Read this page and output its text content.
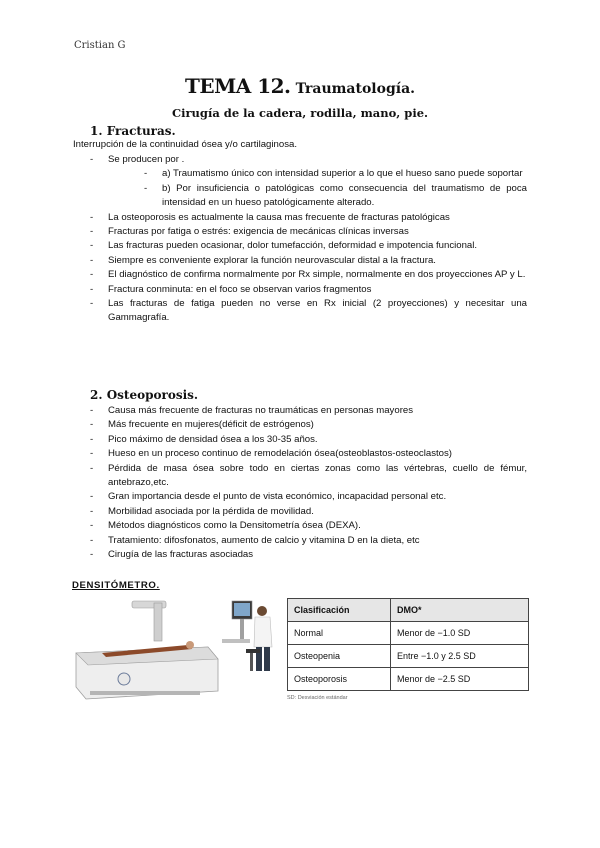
Cristian G
TEMA 12. Traumatología.
Cirugía de la cadera, rodilla, mano, pie.
1. Fracturas.
Interrupción de la continuidad ósea y/o cartilaginosa.
- Se producen por .
- a) Traumatismo único con intensidad superior a lo que el hueso sano puede soportar
- b) Por insuficiencia o patológicas como consecuencia del traumatismo de poca intensidad en un hueso patológicamente alterado.
- La osteoporosis es actualmente la causa mas frecuente de fracturas patológicas
- Fracturas por fatiga o estrés: exigencia de mecánicas clínicas inversas
- Las fracturas pueden ocasionar, dolor tumefacción, deformidad e impotencia funcional.
- Siempre es conveniente explorar la función neurovascular distal a la fractura.
- El diagnóstico de confirma normalmente por Rx simple, normalmente en dos proyecciones AP y L.
- Fractura conminuta: en el foco se observan varios fragmentos
- Las fracturas de fatiga pueden no verse en Rx inicial (2 proyecciones) y necesitar una Gammagrafía.
2. Osteoporosis.
- Causa más frecuente de fracturas no traumáticas en personas mayores
- Más frecuente en mujeres(déficit de estrógenos)
- Pico máximo de densidad ósea a los 30-35 años.
- Hueso en un proceso continuo de remodelación ósea(osteoblastos-osteoclastos)
- Pérdida de masa ósea sobre todo en ciertas zonas como las vértebras, cuello de fémur, antebrazo,etc.
- Gran importancia desde el punto de vista económico, incapacidad personal etc.
- Morbilidad asociada por la pérdida de movilidad.
- Métodos diagnósticos como la Densitometría ósea (DEXA).
- Tratamiento: difosfonatos, aumento de calcio y vitamina D en la dieta, etc
- Cirugía de las fracturas asociadas
DENSITÓMETRO.
Clasificación	DMO*
Normal	Menor de −1.0 SD
Osteopenia	Entre −1.0 y 2.5 SD
Osteoporosis	Menor de −2.5 SD
SD: Desviación estándar
